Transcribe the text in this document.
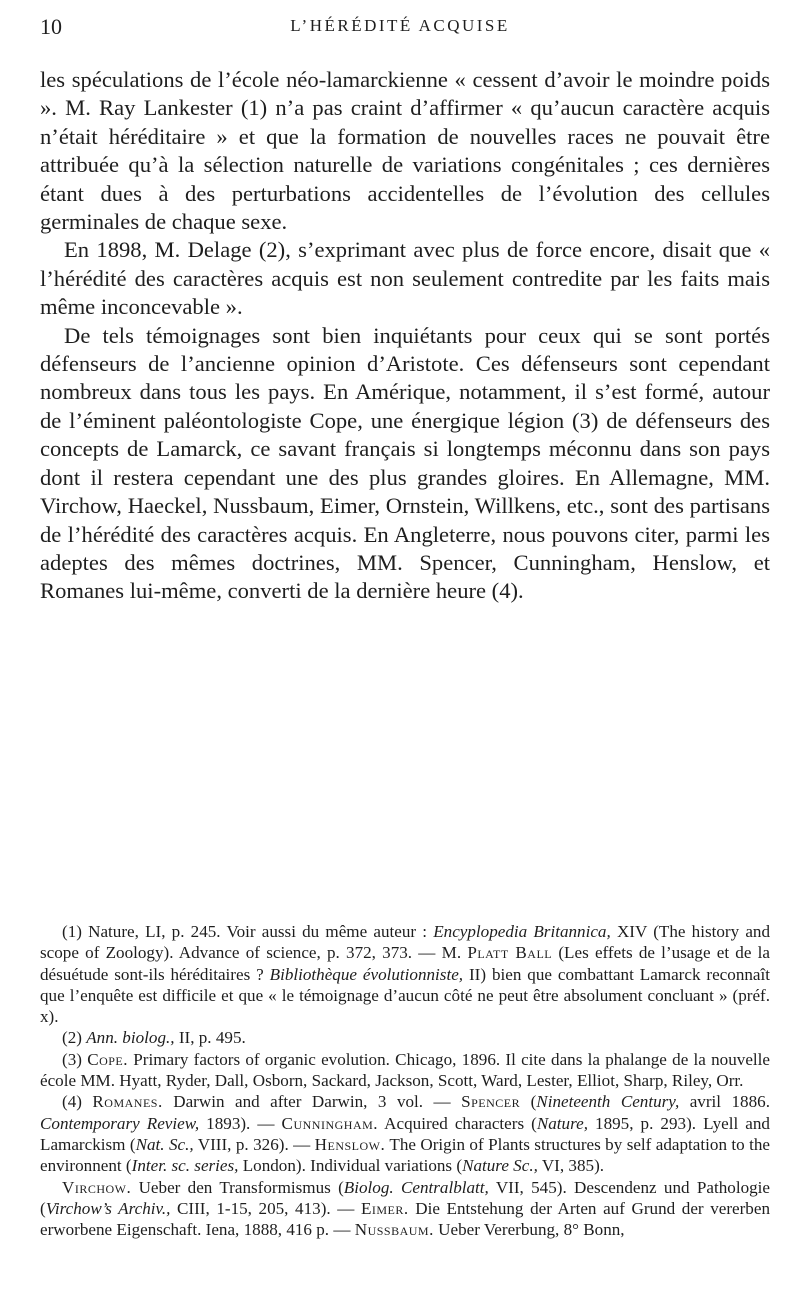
10	L’HÉRÉDITÉ ACQUISE

les spéculations de l’école néo-lamarckienne « cessent d’avoir le moindre poids ». M. Ray Lankester (1) n’a pas craint d’affirmer « qu’aucun caractère acquis n’était héréditaire » et que la formation de nouvelles races ne pouvait être attribuée qu’à la sélection naturelle de variations congénitales ; ces dernières étant dues à des perturbations accidentelles de l’évolution des cellules germinales de chaque sexe.

En 1898, M. Delage (2), s’exprimant avec plus de force encore, disait que « l’hérédité des caractères acquis est non seulement contredite par les faits mais même inconcevable ».

De tels témoignages sont bien inquiétants pour ceux qui se sont portés défenseurs de l’ancienne opinion d’Aristote. Ces défenseurs sont cependant nombreux dans tous les pays. En Amérique, notamment, il s’est formé, autour de l’éminent paléontologiste Cope, une énergique légion (3) de défenseurs des concepts de Lamarck, ce savant français si longtemps méconnu dans son pays dont il restera cependant une des plus grandes gloires. En Allemagne, MM. Virchow, Haeckel, Nussbaum, Eimer, Ornstein, Willkens, etc., sont des partisans de l’hérédité des caractères acquis. En Angleterre, nous pouvons citer, parmi les adeptes des mêmes doctrines, MM. Spencer, Cunningham, Henslow, et Romanes lui-même, converti de la dernière heure (4).

(1) Nature, LI, p. 245. Voir aussi du même auteur : Encyplopedia Britannica, XIV (The history and scope of Zoology). Advance of science, p. 372, 373. — M. Platt Ball (Les effets de l’usage et de la désuétude sont-ils héréditaires ? Bibliothèque évolutionniste, II) bien que combattant Lamarck reconnaît que l’enquête est difficile et que « le témoignage d’aucun côté ne peut être absolument concluant » (préf. x).

(2) Ann. biolog., II, p. 495.

(3) Cope. Primary factors of organic evolution. Chicago, 1896. Il cite dans la phalange de la nouvelle école MM. Hyatt, Ryder, Dall, Osborn, Sackard, Jackson, Scott, Ward, Lester, Elliot, Sharp, Riley, Orr.

(4) Romanes. Darwin and after Darwin, 3 vol. — Spencer (Nineteenth Century, avril 1886. Contemporary Review, 1893). — Cunningham. Acquired characters (Nature, 1895, p. 293). Lyell and Lamarckism (Nat. Sc., VIII, p. 326). — Henslow. The Origin of Plants structures by self adaptation to the environnent (Inter. sc. series, London). Individual variations (Nature Sc., VI, 385).

Virchow. Ueber den Transformismus (Biolog. Centralblatt, VII, 545). Descendenz und Pathologie (Virchow’s Archiv., CIII, 1-15, 205, 413). — Eimer. Die Entstehung der Arten auf Grund der vererben erworbene Eigenschaft. Iena, 1888, 416 p. — Nussbaum. Ueber Vererbung, 8° Bonn,
